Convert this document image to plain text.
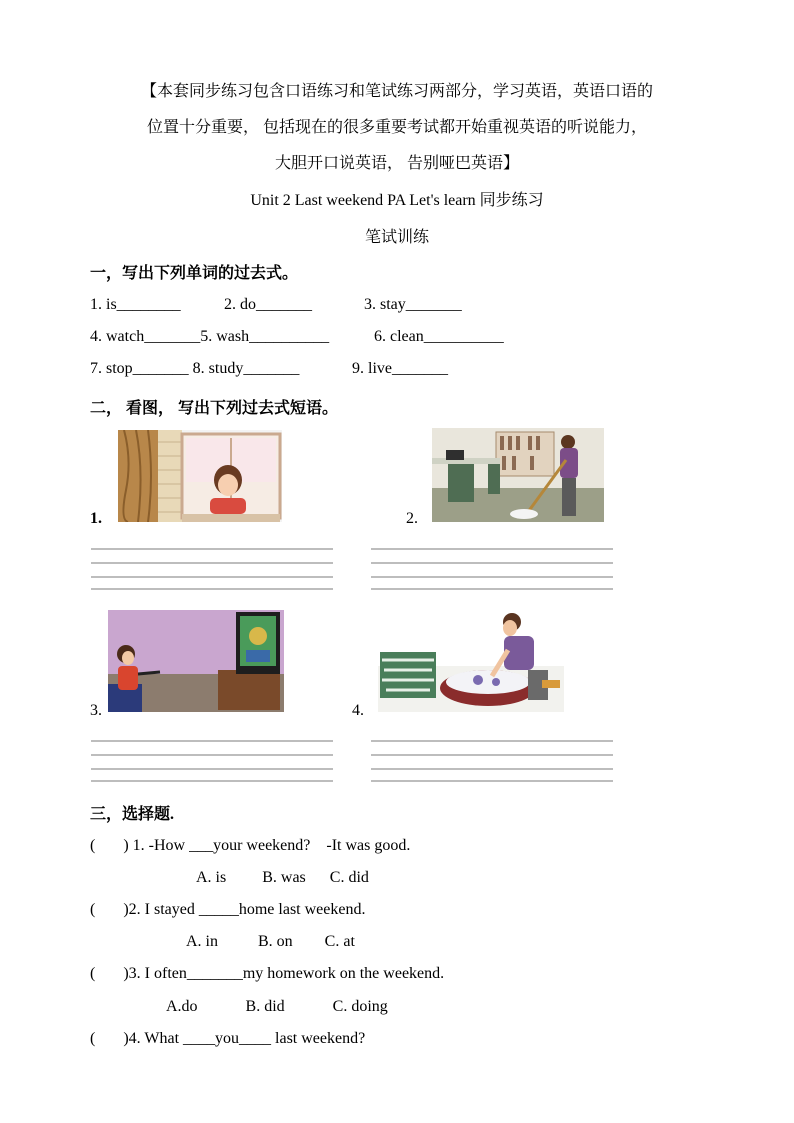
【本套同步练习包含口语练习和笔试练习两部分，学习英语，英语口语的
位置十分重要， 包括现在的很多重要考试都开始重视英语的听说能力，
大胆开口说英语， 告别哑巴英语】
Unit 2 Last weekend PA Let's learn 同步练习
笔试训练
一，写出下列单词的过去式。
1. is________	2. do_______	3. stay_______
4. watch_______5. wash__________	6. clean__________
7. stop_______ 8. study_______	9. live_______
二， 看图， 写出下列过去式短语。
1.	2.
3.	4.
三，选择题.
(       ) 1. -How ___your weekend?    -It was good.
A. is         B. was      C. did
(       )2. I stayed _____home last weekend.
A. in          B. on        C. at
(       )3. I often_______my homework on the weekend.
A.do            B. did            C. doing
(       )4. What ____you____ last weekend?
